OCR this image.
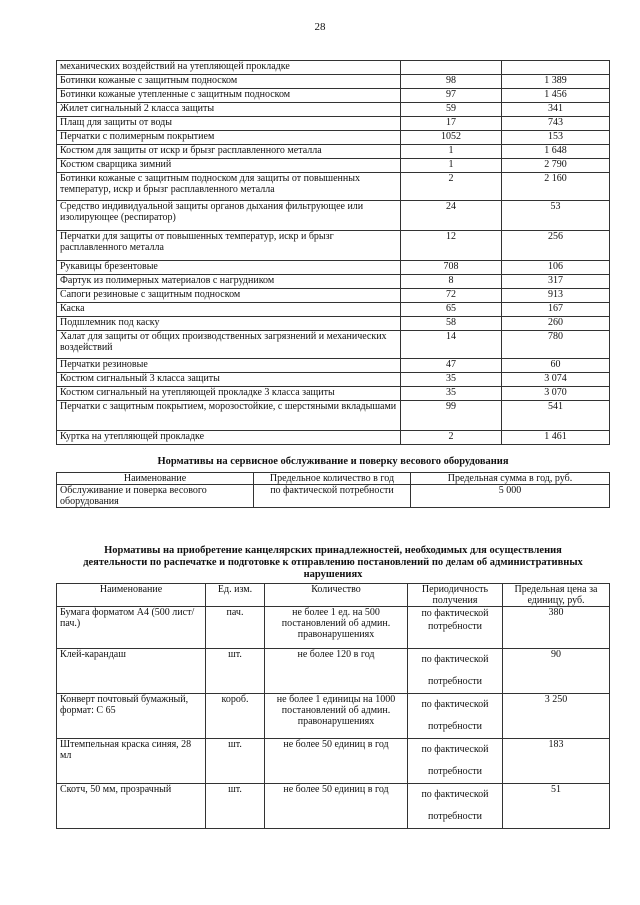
28
механических воздействий на утепляющей прокладке		
Ботинки кожаные с защитным подноском	98	1 389
Ботинки кожаные утепленные с защитным подноском	97	1 456
Жилет сигнальный 2 класса защиты	59	341
Плащ для защиты от воды	17	743
Перчатки с полимерным покрытием	1052	153
Костюм для защиты от искр и брызг расплавленного металла	1	1 648
Костюм сварщика зимний	1	2 790
Ботинки кожаные с защитным подноском для защиты от повышенных температур, искр и брызг расплавленного металла	2	2 160
Средство индивидуальной защиты органов дыхания фильтрующее или изолирующее (респиратор)	24	53
Перчатки для защиты от повышенных температур, искр и брызг расплавленного металла	12	256
Рукавицы брезентовые	708	106
Фартук из полимерных материалов с нагрудником	8	317
Сапоги резиновые с защитным подноском	72	913
Каска	65	167
Подшлемник под каску	58	260
Халат для защиты от общих производственных загрязнений и механических воздействий	14	780
Перчатки резиновые	47	60
Костюм сигнальный 3 класса защиты	35	3 074
Костюм сигнальный на утепляющей прокладке 3 класса защиты	35	3 070
Перчатки с защитным покрытием, морозостойкие, с шерстяными вкладышами	99	541
Куртка на утепляющей прокладке	2	1 461
Нормативы на сервисное обслуживание и поверку весового оборудования
Наименование	Предельное количество в год	Предельная сумма в год, руб.
Обслуживание и поверка весового оборудования	по фактической потребности	5 000
Нормативы на приобретение канцелярских принадлежностей, необходимых для осуществления деятельности по распечатке и подготовке к отправлению постановлений по делам об административных нарушениях
Наименование	Ед. изм.	Количество	Периодичность получения	Предельная цена за единицу, руб.
Бумага форматом А4 (500 лист/пач.)	пач.	не более 1 ед. на 500 постановлений об админ. правонарушениях	по фактической потребности	380
Клей-карандаш	шт.	не более 120 в год	по фактической потребности	90
Конверт почтовый бумажный, формат: С 65	короб.	не более 1 единицы на 1000 постановлений об админ. правонарушениях	по фактической потребности	3 250
Штемпельная краска синяя, 28 мл	шт.	не более 50 единиц в год	по фактической потребности	183
Скотч, 50 мм, прозрачный	шт.	не более 50 единиц в год	по фактической потребности	51
